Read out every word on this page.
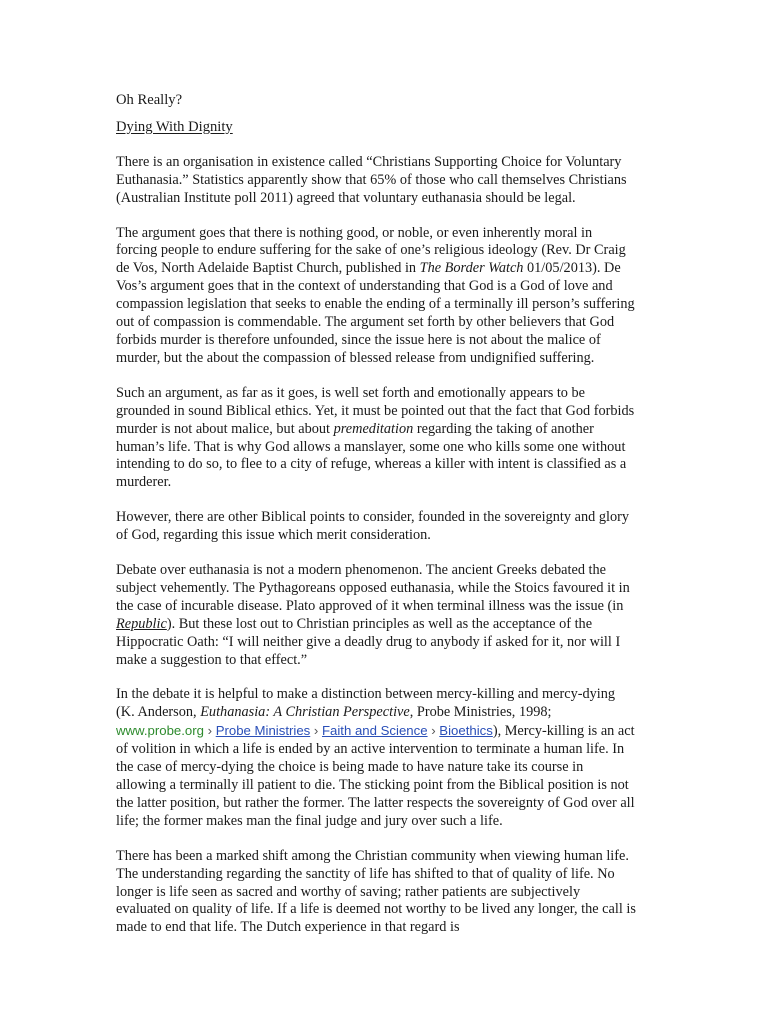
Oh Really?

Dying With Dignity

There is an organisation in existence called “Christians Supporting Choice for Voluntary Euthanasia.” Statistics apparently show that 65% of those who call themselves Christians (Australian Institute poll 2011) agreed that voluntary euthanasia should be legal.

The argument goes that there is nothing good, or noble, or even inherently moral in forcing people to endure suffering for the sake of one’s religious ideology (Rev. Dr Craig de Vos, North Adelaide Baptist Church, published in The Border Watch 01/05/2013). De Vos’s argument goes that in the context of understanding that God is a God of love and compassion legislation that seeks to enable the ending of a terminally ill person’s suffering out of compassion is commendable. The argument set forth by other believers that God forbids murder is therefore unfounded, since the issue here is not about the malice of murder, but the about the compassion of blessed release from undignified suffering.

Such an argument, as far as it goes, is well set forth and emotionally appears to be grounded in sound Biblical ethics. Yet, it must be pointed out that the fact that God forbids murder is not about malice, but about premeditation regarding the taking of another human’s life. That is why God allows a manslayer, some one who kills some one without intending to do so, to flee to a city of refuge, whereas a killer with intent is classified as a murderer.

However, there are other Biblical points to consider, founded in the sovereignty and glory of God, regarding this issue which merit consideration.

Debate over euthanasia is not a modern phenomenon. The ancient Greeks debated the subject vehemently. The Pythagoreans opposed euthanasia, while the Stoics favoured it in the case of incurable disease. Plato approved of it when terminal illness was the issue (in Republic). But these lost out to Christian principles as well as the acceptance of the Hippocratic Oath: “I will neither give a deadly drug to anybody if asked for it, nor will I make a suggestion to that effect.”

In the debate it is helpful to make a distinction between mercy-killing and mercy-dying (K. Anderson, Euthanasia: A Christian Perspective, Probe Ministries, 1998; www.probe.org › Probe Ministries › Faith and Science › Bioethics), Mercy-killing is an act of volition in which a life is ended by an active intervention to terminate a human life. In the case of mercy-dying the choice is being made to have nature take its course in allowing a terminally ill patient to die. The sticking point from the Biblical position is not the latter position, but rather the former. The latter respects the sovereignty of God over all life; the former makes man the final judge and jury over such a life.

There has been a marked shift among the Christian community when viewing human life. The understanding regarding the sanctity of life has shifted to that of quality of life. No longer is life seen as sacred and worthy of saving; rather patients are subjectively evaluated on quality of life. If a life is deemed not worthy to be lived any longer, the call is made to end that life. The Dutch experience in that regard is
